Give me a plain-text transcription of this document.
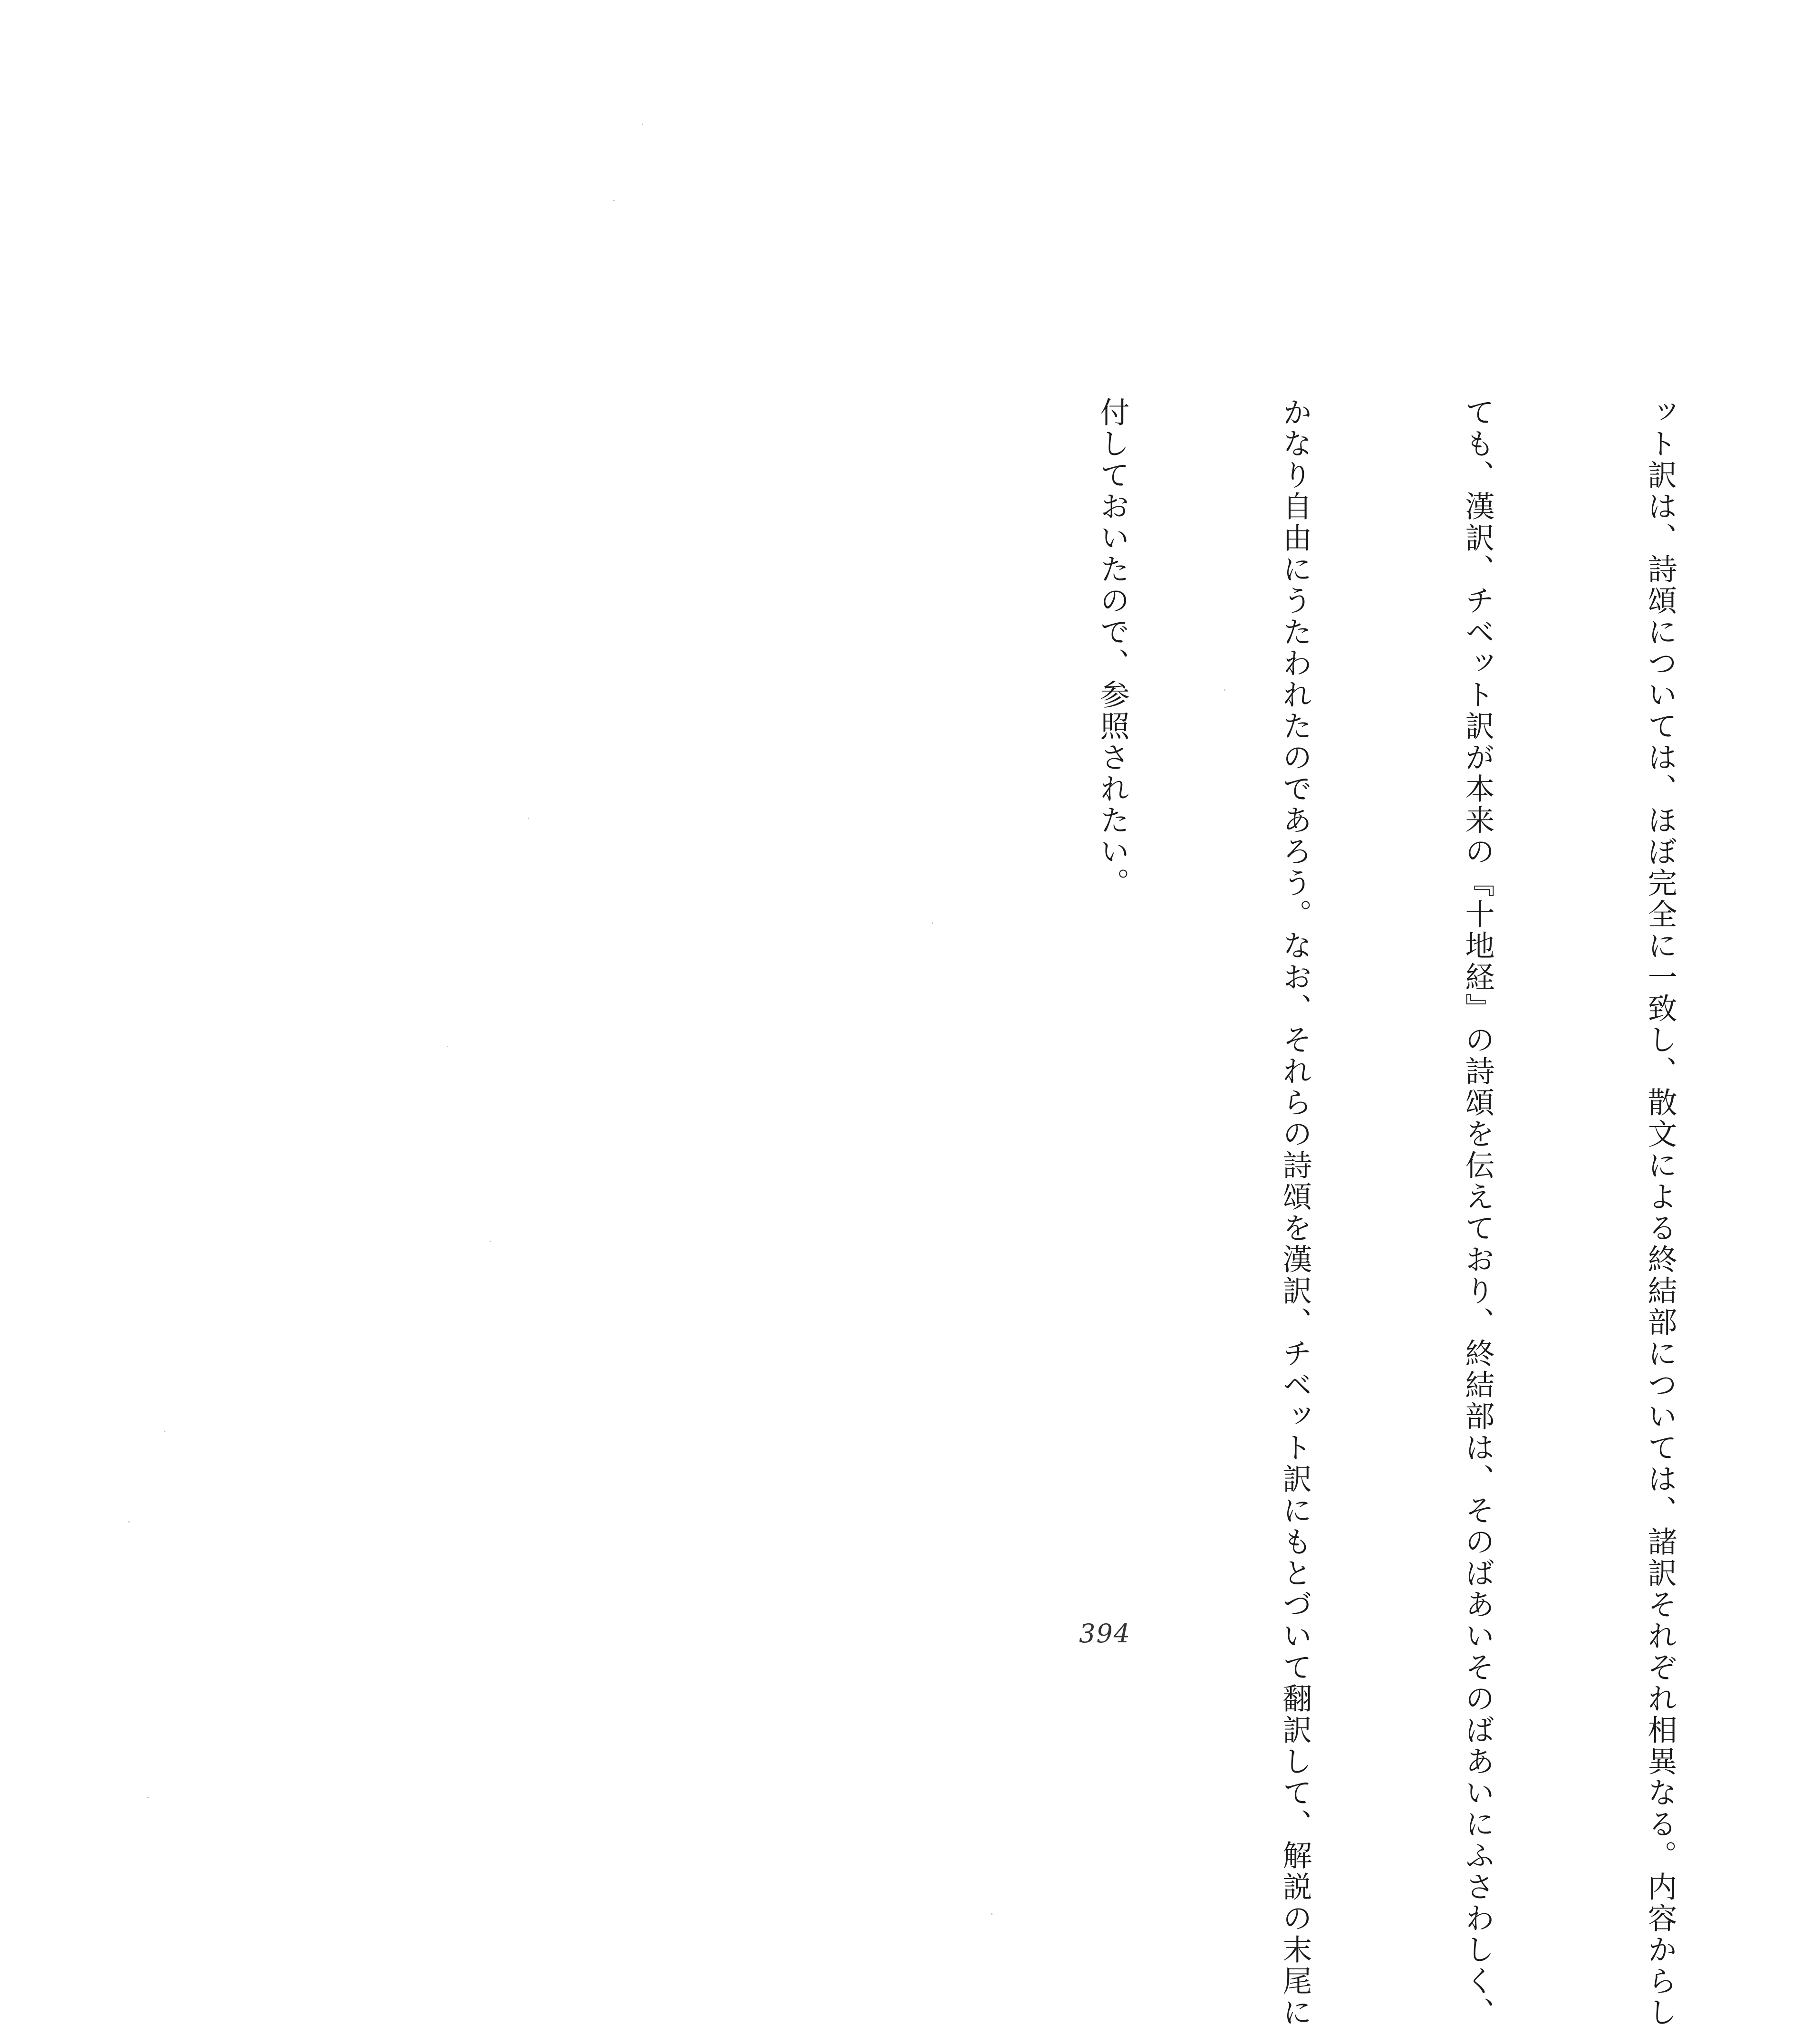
ット訳は、詩頌については、ほぼ完全に一致し、散文による終結部については、諸訳それぞれ相異なる。内容からし

ても、漢訳、チベット訳が本来の『十地経』の詩頌を伝えており、終結部は、そのばあいそのばあいにふさわしく、

かなり自由にうたわれたのであろう。なお、それらの詩頌を漢訳、チベット訳にもとづいて翻訳して、解説の末尾に

付しておいたので、参照されたい。

394
